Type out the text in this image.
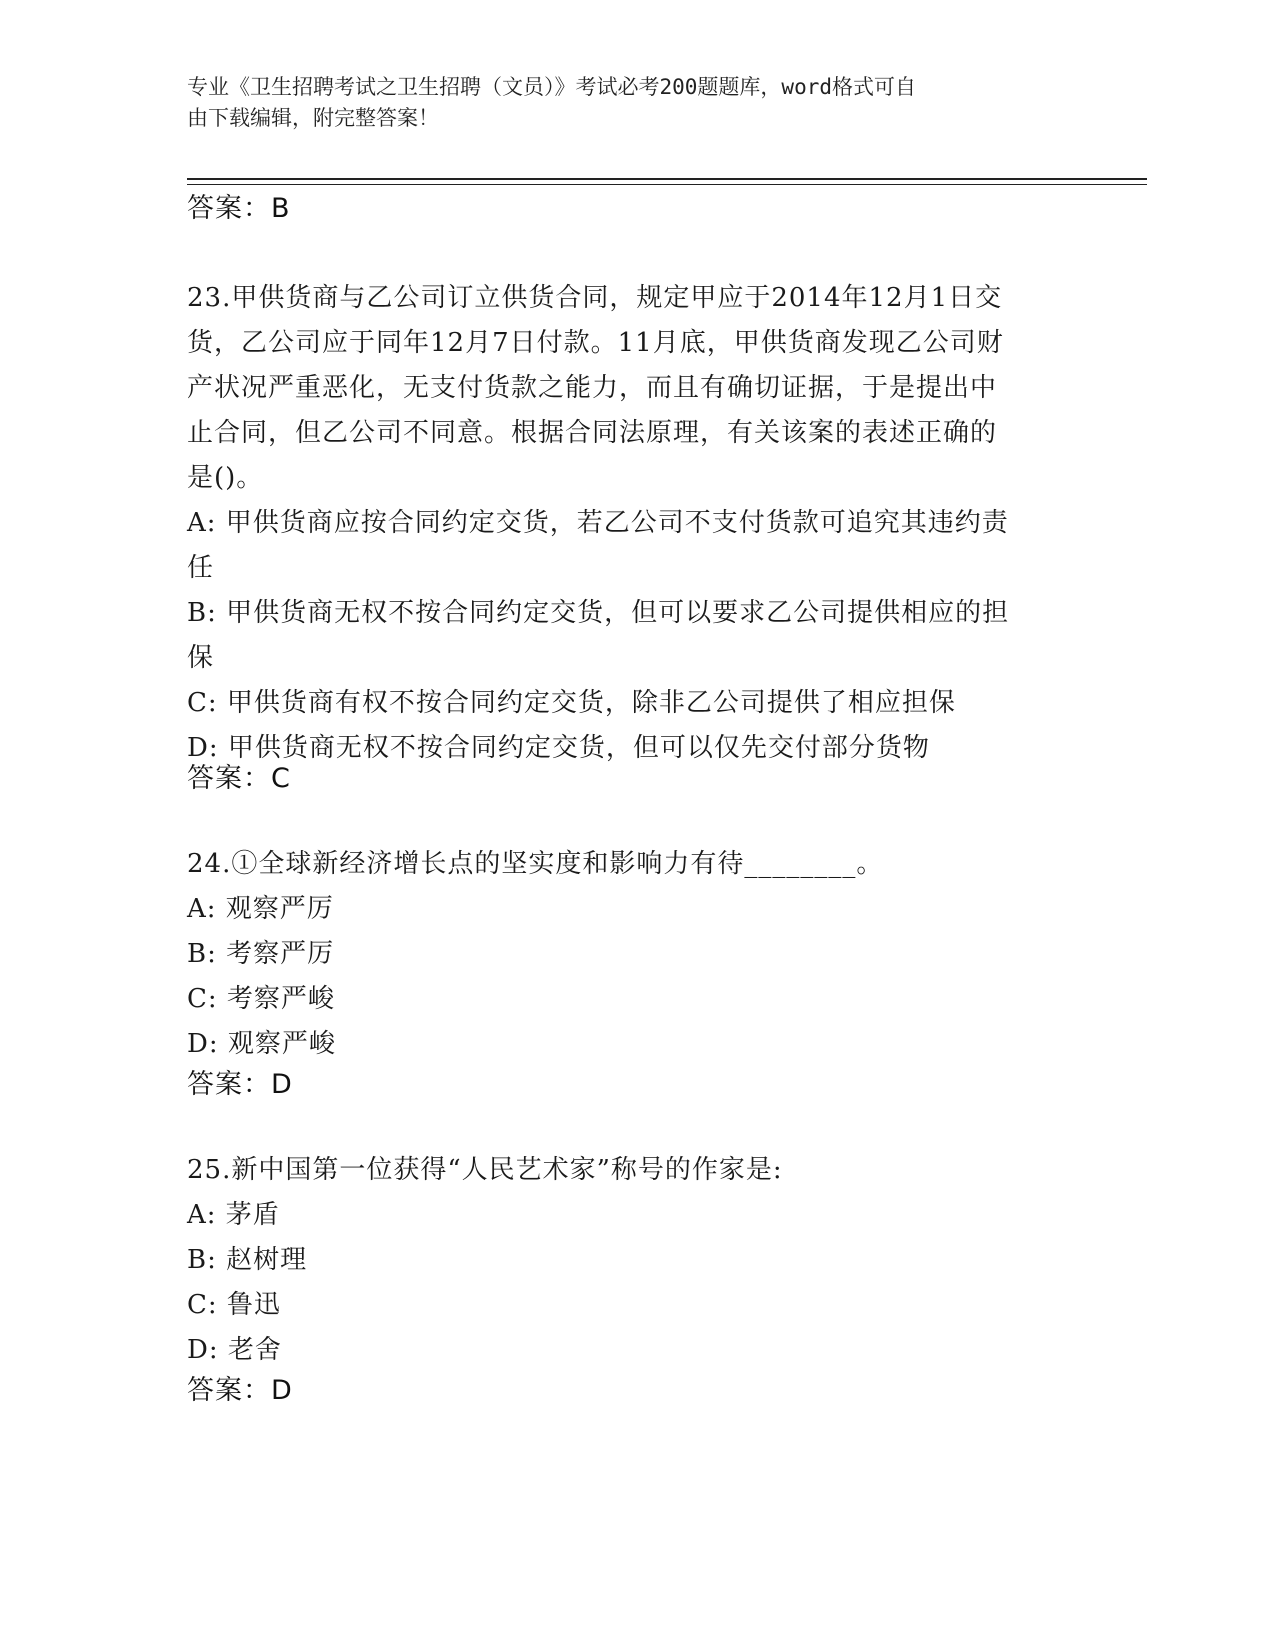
专业《卫生招聘考试之卫生招聘（文员）》考试必考200题题库，word格式可自
由下载编辑，附完整答案！
答案：B
23.甲供货商与乙公司订立供货合同，规定甲应于2014年12月1日交
货，乙公司应于同年12月7日付款。11月底，甲供货商发现乙公司财
产状况严重恶化，无支付货款之能力，而且有确切证据，于是提出中
止合同，但乙公司不同意。根据合同法原理，有关该案的表述正确的
是()。
A: 甲供货商应按合同约定交货，若乙公司不支付货款可追究其违约责
任
B: 甲供货商无权不按合同约定交货，但可以要求乙公司提供相应的担
保
C: 甲供货商有权不按合同约定交货，除非乙公司提供了相应担保
D: 甲供货商无权不按合同约定交货，但可以仅先交付部分货物
答案：C
24.①全球新经济增长点的坚实度和影响力有待________。
A: 观察严厉
B: 考察严厉
C: 考察严峻
D: 观察严峻
答案：D
25.新中国第一位获得“人民艺术家”称号的作家是:
A: 茅盾
B: 赵树理
C: 鲁迅
D: 老舍
答案：D
